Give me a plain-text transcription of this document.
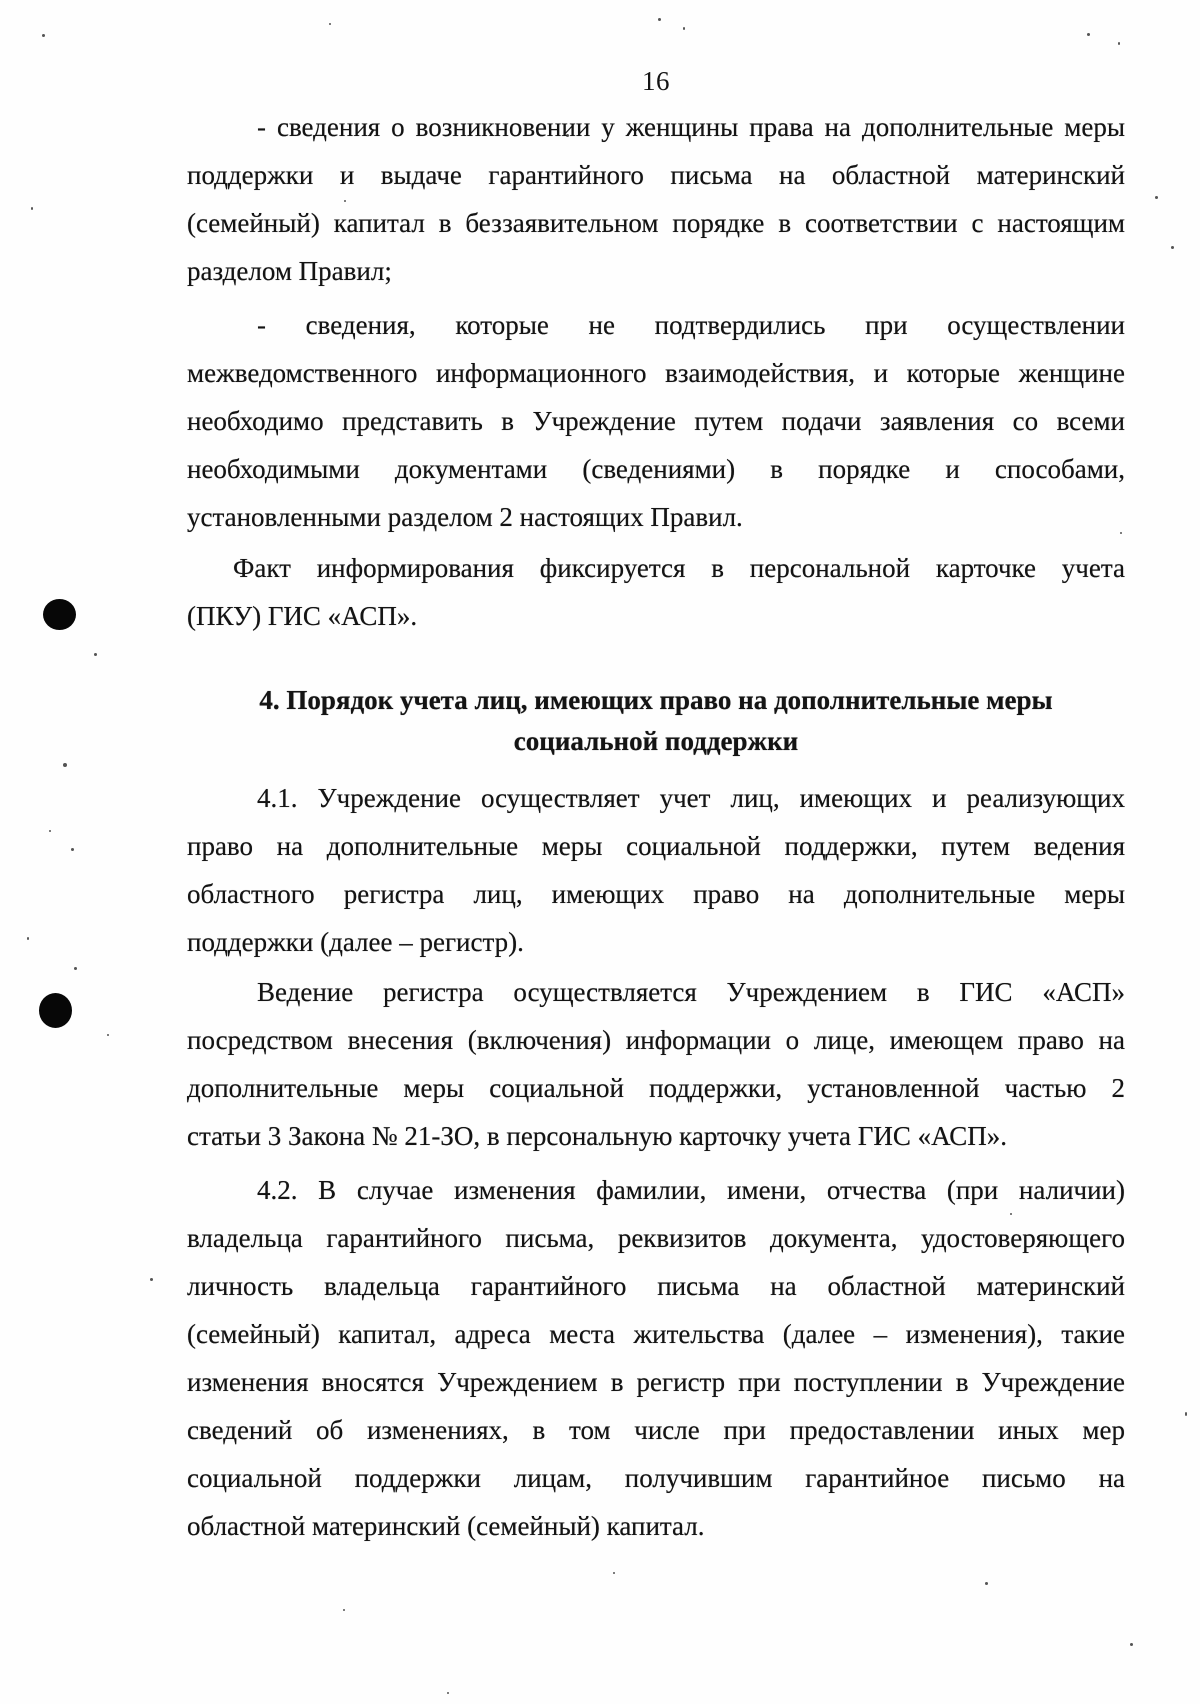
16
- сведения о возникновении у женщины права на дополнительные меры
поддержки и выдаче гарантийного письма на областной материнский
(семейный) капитал в беззаявительном порядке в соответствии с настоящим
разделом Правил;
- сведения, которые не подтвердились при осуществлении
межведомственного информационного взаимодействия, и которые женщине
необходимо представить в Учреждение путем подачи заявления со всеми
необходимыми документами (сведениями) в порядке и способами,
установленными разделом 2 настоящих Правил.
Факт информирования фиксируется в персональной карточке учета
(ПКУ) ГИС «АСП».
4. Порядок учета лиц, имеющих право на дополнительные меры
социальной поддержки
4.1. Учреждение осуществляет учет лиц, имеющих и реализующих
право на дополнительные меры социальной поддержки, путем ведения
областного регистра лиц, имеющих право на дополнительные меры
поддержки (далее – регистр).
Ведение регистра осуществляется Учреждением в ГИС «АСП»
посредством внесения (включения) информации о лице, имеющем право на
дополнительные меры социальной поддержки, установленной частью 2
статьи 3 Закона № 21-ЗО, в персональную карточку учета ГИС «АСП».
4.2. В случае изменения фамилии, имени, отчества (при наличии)
владельца гарантийного письма, реквизитов документа, удостоверяющего
личность владельца гарантийного письма на областной материнский
(семейный) капитал, адреса места жительства (далее – изменения), такие
изменения вносятся Учреждением в регистр при поступлении в Учреждение
сведений об изменениях, в том числе при предоставлении иных мер
социальной поддержки лицам, получившим гарантийное письмо на
областной материнский (семейный) капитал.
